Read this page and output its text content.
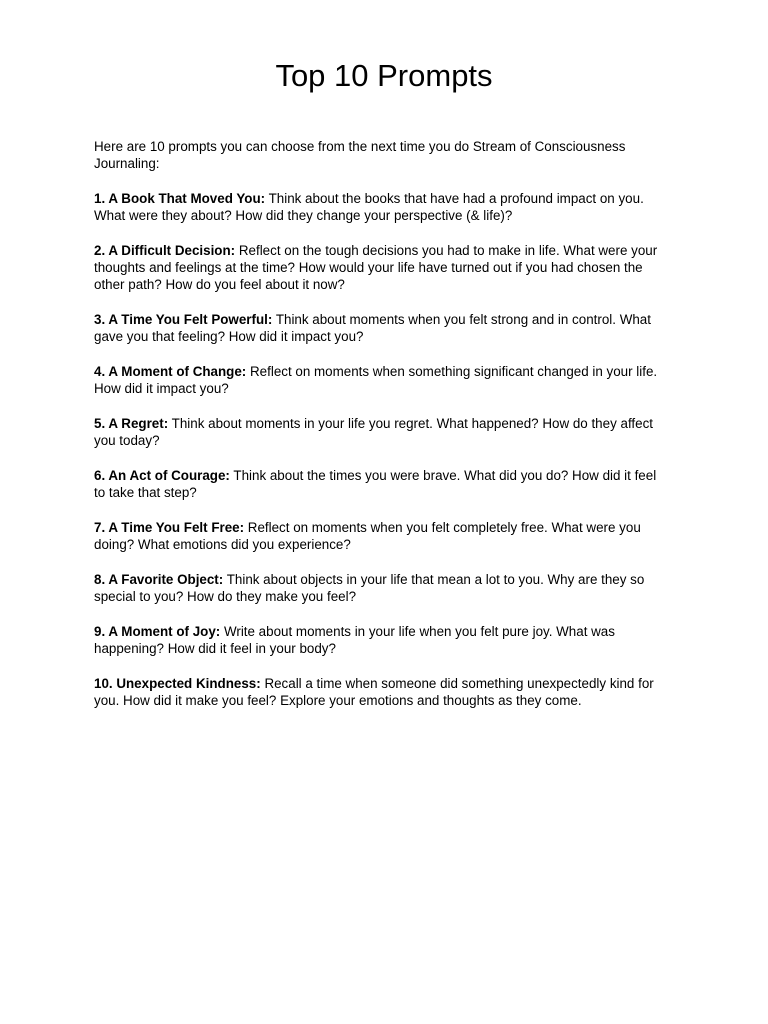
Top 10 Prompts

Here are 10 prompts you can choose from the next time you do Stream of Consciousness Journaling:

1. A Book That Moved You: Think about the books that have had a profound impact on you. What were they about? How did they change your perspective (& life)?

2. A Difficult Decision: Reflect on the tough decisions you had to make in life. What were your thoughts and feelings at the time? How would your life have turned out if you had chosen the other path? How do you feel about it now?

3. A Time You Felt Powerful: Think about moments when you felt strong and in control. What gave you that feeling? How did it impact you?

4. A Moment of Change: Reflect on moments when something significant changed in your life. How did it impact you?

5. A Regret: Think about moments in your life you regret. What happened? How do they affect you today?

6. An Act of Courage: Think about the times you were brave. What did you do? How did it feel to take that step?

7. A Time You Felt Free: Reflect on moments when you felt completely free. What were you doing? What emotions did you experience?

8. A Favorite Object: Think about objects in your life that mean a lot to you. Why are they so special to you? How do they make you feel?

9. A Moment of Joy: Write about moments in your life when you felt pure joy. What was happening? How did it feel in your body?

10. Unexpected Kindness: Recall a time when someone did something unexpectedly kind for you. How did it make you feel? Explore your emotions and thoughts as they come.
